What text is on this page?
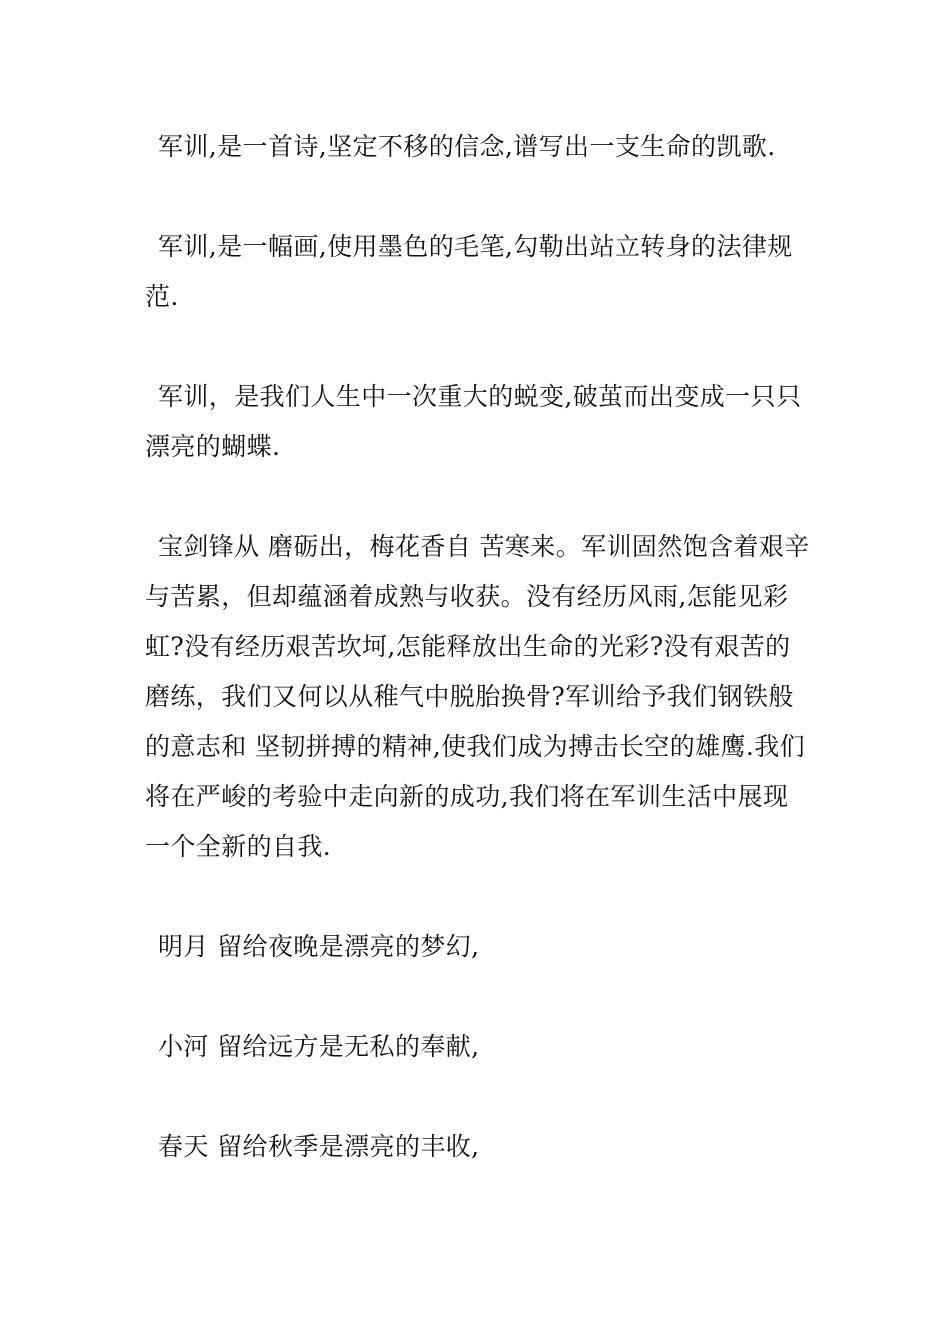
军训,是一首诗,坚定不移的信念,谱写出一支生命的凯歌.

军训,是一幅画,使用墨色的毛笔,勾勒出站立转身的法律规范.

军训，是我们人生中一次重大的蜕变,破茧而出变成一只只漂亮的蝴蝶.

宝剑锋从 磨砺出，梅花香自 苦寒来。军训固然饱含着艰辛与苦累，但却蕴涵着成熟与收获。没有经历风雨,怎能见彩虹?没有经历艰苦坎坷,怎能释放出生命的光彩?没有艰苦的磨练，我们又何以从稚气中脱胎换骨?军训给予我们钢铁般的意志和 坚韧拼搏的精神,使我们成为搏击长空的雄鹰.我们将在严峻的考验中走向新的成功,我们将在军训生活中展现一个全新的自我.

明月 留给夜晚是漂亮的梦幻,

小河 留给远方是无私的奉献,

春天 留给秋季是漂亮的丰收,
